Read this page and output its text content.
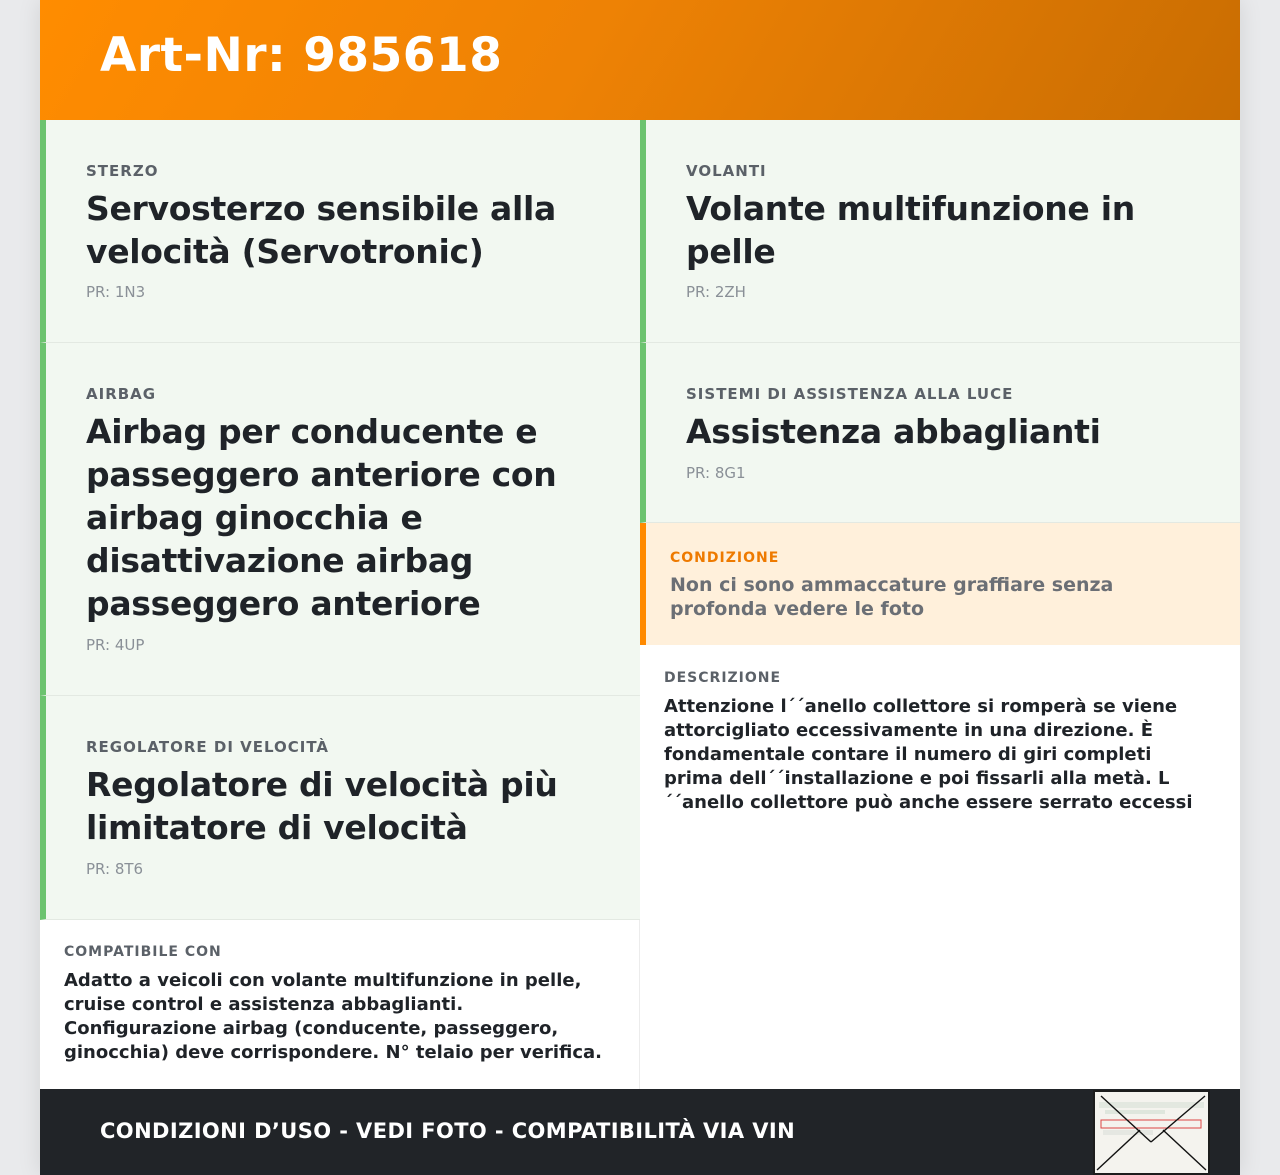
Art-Nr: 985618
STERZO
Servosterzo sensibile alla velocità (Servotronic)
PR: 1N3
AIRBAG
Airbag per conducente e passeggero anteriore con airbag ginocchia e disattivazione airbag passeggero anteriore
PR: 4UP
REGOLATORE DI VELOCITÀ
Regolatore di velocità più limitatore di velocità
PR: 8T6
VOLANTI
Volante multifunzione in pelle
PR: 2ZH
SISTEMI DI ASSISTENZA ALLA LUCE
Assistenza abbaglianti
PR: 8G1
CONDIZIONE
Non ci sono ammaccature graffiare senza profonda vedere le foto
DESCRIZIONE
Attenzione l´´anello collettore si romperà se viene attorcigliato eccessivamente in una direzione. È fondamentale contare il numero di giri completi prima dell´´installazione e poi fissarli alla metà. L´´anello collettore può anche essere serrato eccessi
COMPATIBILE CON
Adatto a veicoli con volante multifunzione in pelle, cruise control e assistenza abbaglianti. Configurazione airbag (conducente, passeggero, ginocchia) deve corrispondere. N° telaio per verifica.
CONDIZIONI D’USO - VEDI FOTO - COMPATIBILITÀ VIA VIN
